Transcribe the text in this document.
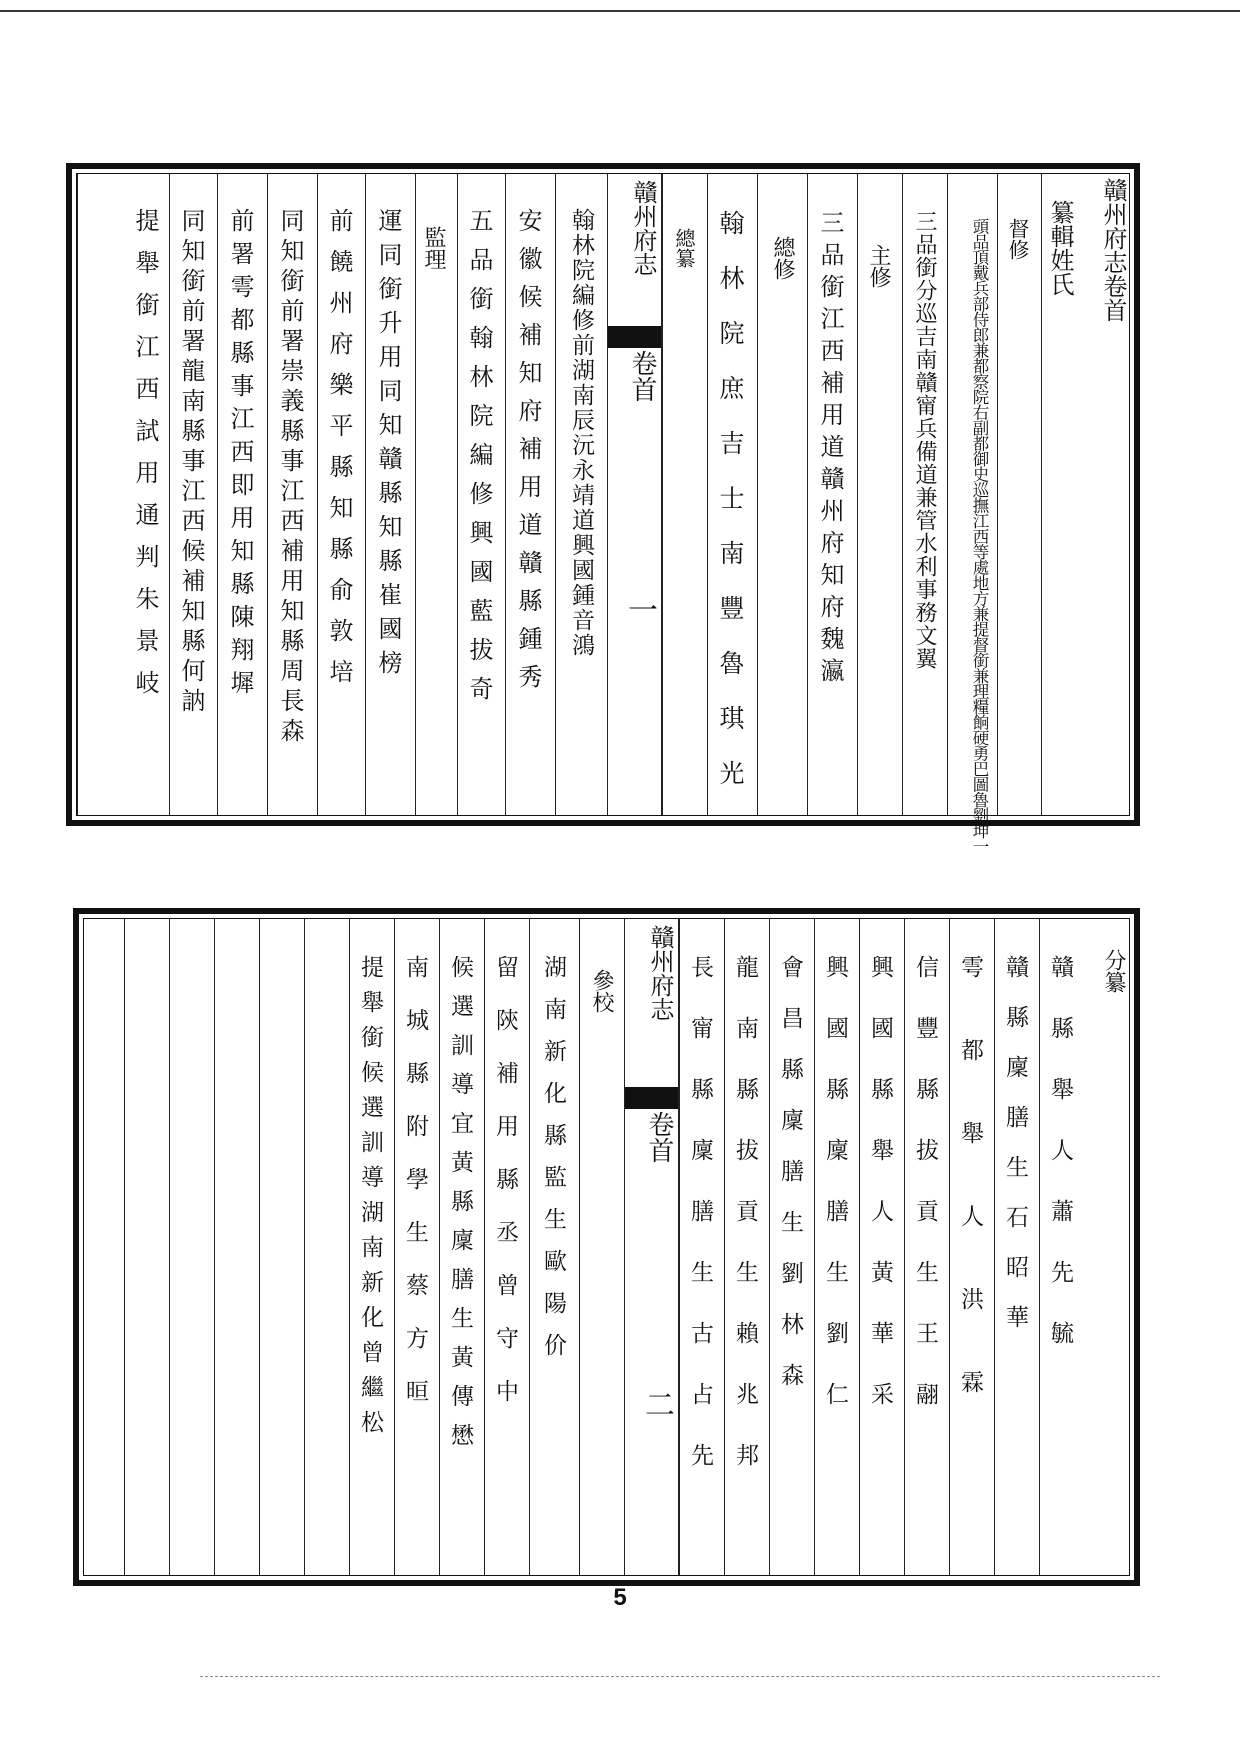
贛州府志卷首
纂輯姓氏
督修
頭品頂戴兵部侍郎兼都察院右副都御史巡撫江西等處地方兼提督銜兼理糧餉硬勇巴圖魯劉坤一
三品銜分巡吉南贛甯兵備道兼管水利事務文翼
主修
三品銜江西補用道贛州府知府魏瀛
總修
翰林院庶吉士南豐魯琪光
總纂
贛州府志
卷首
一
翰林院編修前湖南辰沅永靖道興國鍾音鴻
安徽候補知府補用道贛縣鍾秀
五品銜翰林院編修興國藍拔奇
監理
運同銜升用同知贛縣知縣崔國榜
前饒州府樂平縣知縣俞敦培
同知銜前署崇義縣事江西補用知縣周長森
前署雩都縣事江西即用知縣陳翔墀
同知銜前署龍南縣事江西候補知縣何訥
提舉銜江西試用通判朱景岐
分纂
贛縣舉人蕭先毓
贛縣廩膳生石昭華
雩都舉人洪霖
信豐縣拔貢生王翮
興國縣舉人黃華采
興國縣廩膳生劉仁
會昌縣廩膳生劉林森
龍南縣拔貢生賴兆邦
長甯縣廩膳生古占先
贛州府志
卷首
二
參校
湖南新化縣監生歐陽价
留陝補用縣丞曾守中
候選訓導宜黃縣廩膳生黃傳懋
南城縣附學生蔡方晅
提舉銜候選訓導湖南新化曾繼松
5
